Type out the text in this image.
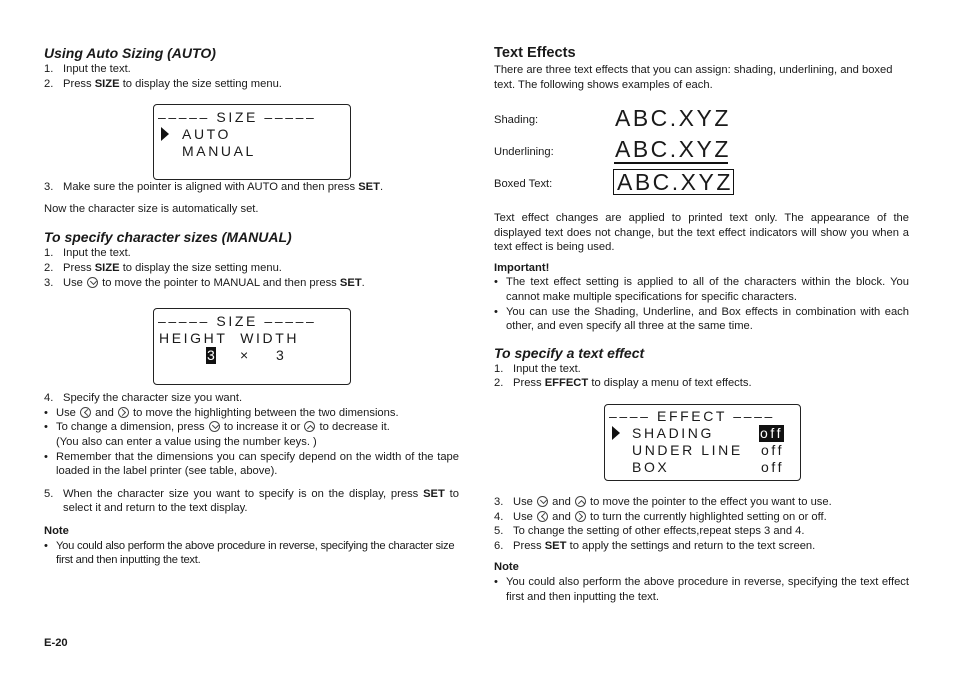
Using Auto Sizing (AUTO)

1. Input the text.
2. Press SIZE to display the size setting menu.
3. Make sure the pointer is aligned with AUTO and then press SET.

Now the character size is automatically set.

To specify character sizes (MANUAL)

1. Input the text.
2. Press SIZE to display the size setting menu.
3. Use  to move the pointer to MANUAL and then press SET.
4. Specify the character size you want.
• Use  and  to move the highlighting between the two dimensions.
• To change a dimension, press  to increase it or  to decrease it.
(You also can enter a value using the number keys. )
• Remember that the dimensions you can specify depend on the width of the tape loaded in the label printer (see table, above).
5. When the character size you want to specify is on the display, press SET to select it and return to the text display.

Note

• You could also perform the above procedure in reverse, specifying the character size first and then inputting the text.
––––– SIZE –––––
AUTO
MANUAL
––––– SIZE –––––
HEIGHT  WIDTH
3 × 3

Text Effects

There are three text effects that you can assign: shading, underlining, and boxed text. The following shows examples of each.

Shading:	ABC.XYZ
Underlining:	ABC.XYZ
Boxed Text:	ABC.XYZ

Text effect changes are applied to printed text only. The appearance of the displayed text does not change, but the text effect indicators will show you when a text effect is being used.

Important!

• The text effect setting is applied to all of the characters within the block. You cannot make multiple specifications for specific characters.
• You can use the Shading, Underline, and Box effects in combination with each other, and even specify all three at the same time.

To specify a text effect

1. Input the text.
2. Press EFFECT to display a menu of text effects.
3. Use  and  to move the pointer to the effect you want to use.
4. Use  and  to turn the currently highlighted setting on or off.
5. To change the setting of other effects,repeat steps 3 and 4.
6. Press SET to apply the settings and return to the text screen.

Note

• You could also perform the above procedure in reverse, specifying the text effect first and then inputting the text.
–––– EFFECT ––––
SHADING	off
UNDER LINE off
BOX	off
E-20
